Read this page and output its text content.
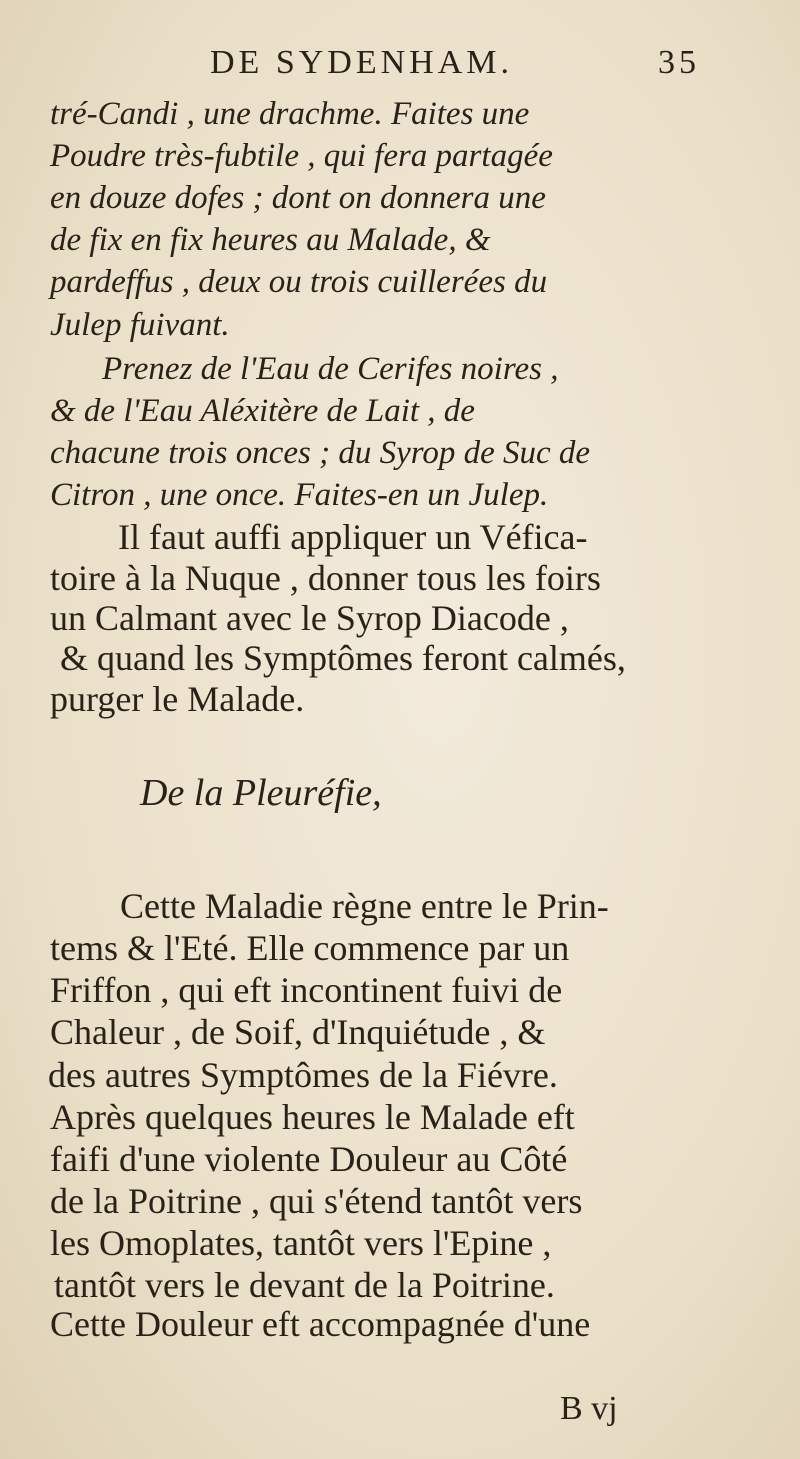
DE SYDENHAM.	35
tré-Candi , une drachme. Faites une
Poudre très-fubtile , qui fera partagée
en douze dofes ; dont on donnera une
de fix en fix heures au Malade, &
pardeffus , deux ou trois cuillerées du
Julep fuivant.
Prenez de l'Eau de Cerifes noires ,
& de l'Eau Aléxitère de Lait , de
chacune trois onces ; du Syrop de Suc de
Citron , une once. Faites-en un Julep.
Il faut auffi appliquer un Véfica-
toire à la Nuque , donner tous les foirs
un Calmant avec le Syrop Diacode ,
& quand les Symptômes feront calmés,
purger le Malade.
De la Pleuréfie,
Cette Maladie règne entre le Prin-
tems & l'Eté. Elle commence par un
Friffon , qui eft incontinent fuivi de
Chaleur , de Soif, d'Inquiétude , &
des autres Symptômes de la Fiévre.
Après quelques heures le Malade eft
faifi d'une violente Douleur au Côté
de la Poitrine , qui s'étend tantôt vers
les Omoplates, tantôt vers l'Epine ,
tantôt vers le devant de la Poitrine.
Cette Douleur eft accompagnée d'une
B vj
